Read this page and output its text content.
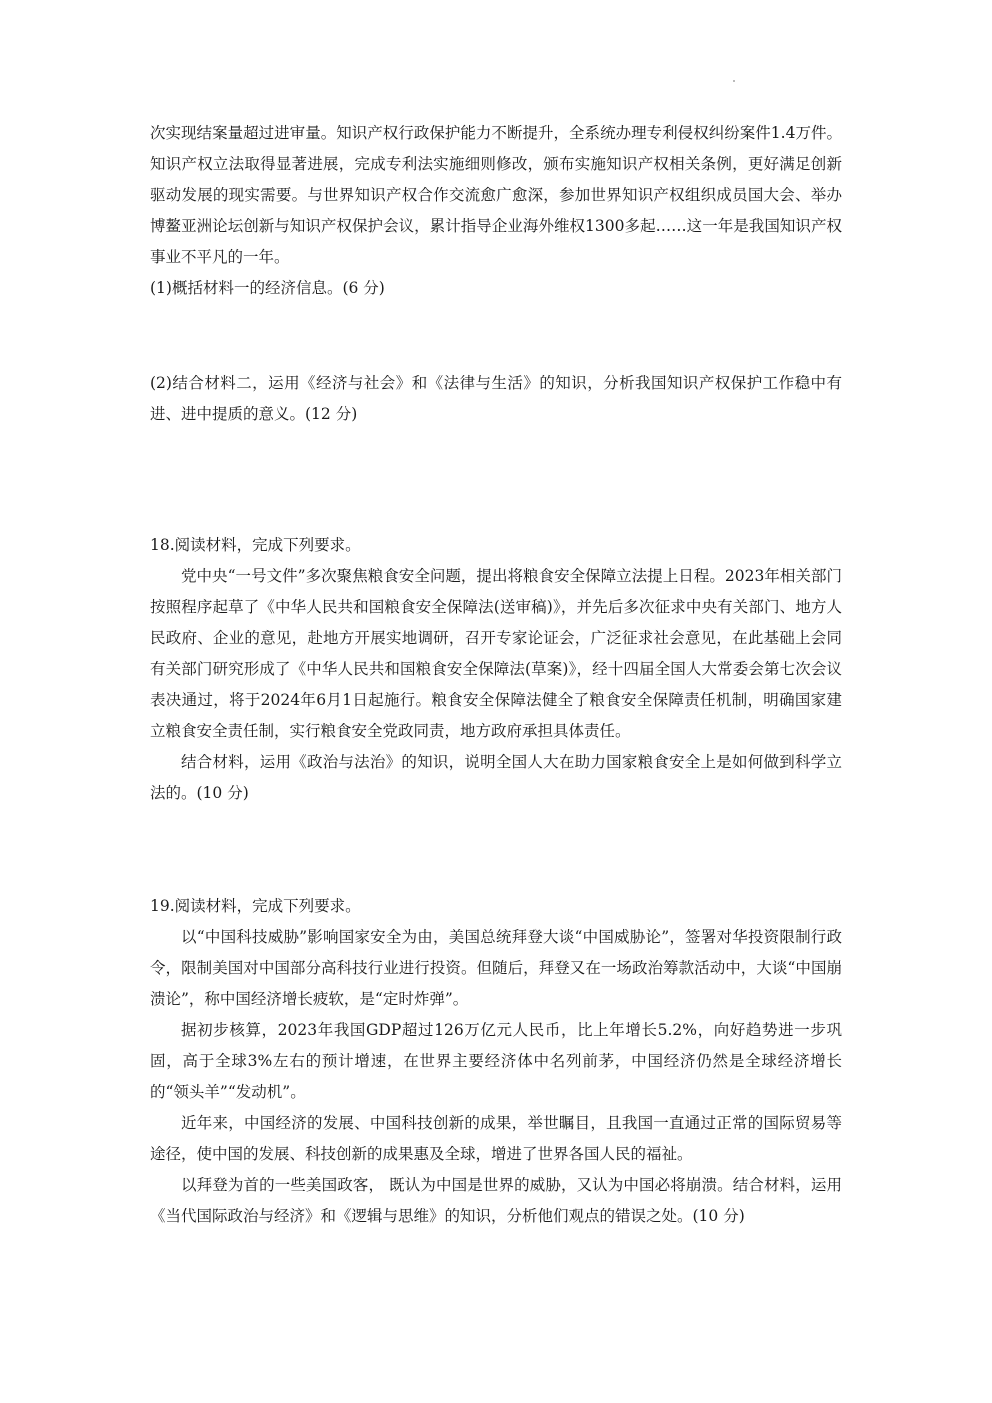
次实现结案量超过进审量。知识产权行政保护能力不断提升，全系统办理专利侵权纠纷案件1.4万件。知识产权立法取得显著进展，完成专利法实施细则修改，颁布实施知识产权相关条例，更好满足创新驱动发展的现实需要。与世界知识产权合作交流愈广愈深，参加世界知识产权组织成员国大会、举办博鳌亚洲论坛创新与知识产权保护会议，累计指导企业海外维权1300多起……这一年是我国知识产权事业不平凡的一年。

(1)概括材料一的经济信息。(6 分)

(2)结合材料二，运用《经济与社会》和《法律与生活》的知识，分析我国知识产权保护工作稳中有进、进中提质的意义。(12 分)

18.阅读材料，完成下列要求。

党中央“一号文件”多次聚焦粮食安全问题，提出将粮食安全保障立法提上日程。2023年相关部门按照程序起草了《中华人民共和国粮食安全保障法(送审稿)》，并先后多次征求中央有关部门、地方人民政府、企业的意见，赴地方开展实地调研，召开专家论证会，广泛征求社会意见，在此基础上会同有关部门研究形成了《中华人民共和国粮食安全保障法(草案)》，经十四届全国人大常委会第七次会议表决通过，将于2024年6月1日起施行。粮食安全保障法健全了粮食安全保障责任机制，明确国家建立粮食安全责任制，实行粮食安全党政同责，地方政府承担具体责任。

结合材料，运用《政治与法治》的知识，说明全国人大在助力国家粮食安全上是如何做到科学立法的。(10 分)

19.阅读材料，完成下列要求。

以“中国科技威胁”影响国家安全为由，美国总统拜登大谈“中国威胁论”，签署对华投资限制行政令，限制美国对中国部分高科技行业进行投资。但随后，拜登又在一场政治筹款活动中，大谈“中国崩溃论”，称中国经济增长疲软，是“定时炸弹”。

据初步核算，2023年我国GDP超过126万亿元人民币，比上年增长5.2%，向好趋势进一步巩固，高于全球3%左右的预计增速，在世界主要经济体中名列前茅，中国经济仍然是全球经济增长的“领头羊”“发动机”。

近年来，中国经济的发展、中国科技创新的成果，举世瞩目，且我国一直通过正常的国际贸易等途径，使中国的发展、科技创新的成果惠及全球，增进了世界各国人民的福祉。

以拜登为首的一些美国政客， 既认为中国是世界的威胁，又认为中国必将崩溃。结合材料，运用《当代国际政治与经济》和《逻辑与思维》的知识，分析他们观点的错误之处。(10 分)
